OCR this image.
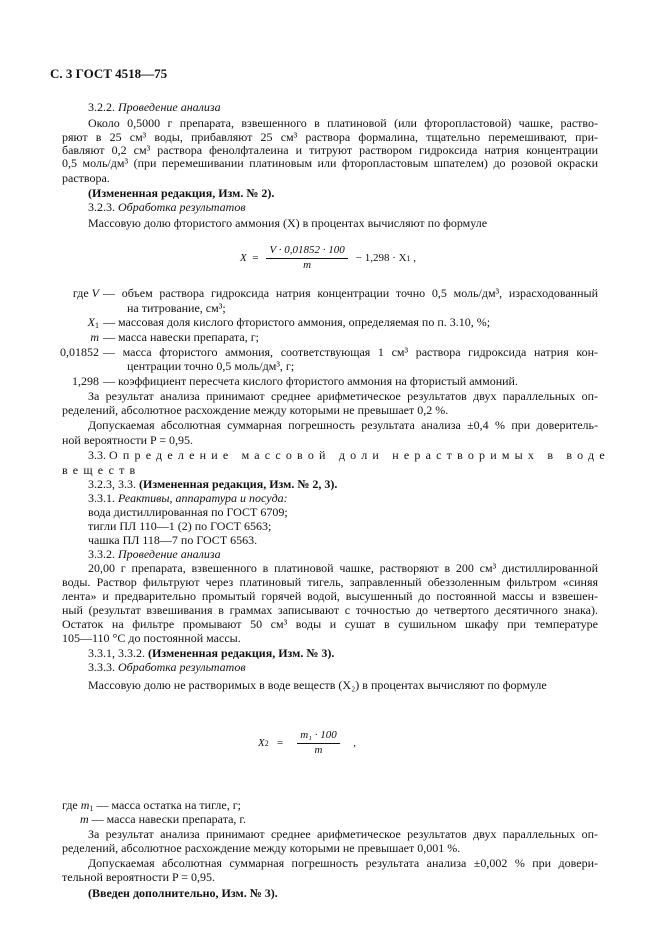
С. 3 ГОСТ 4518—75
3.2.2. Проведение анализа
Около 0,5000 г препарата, взвешенного в платиновой (или фторопластовой) чашке, раство-
ряют в 25 см³ воды, прибавляют 25 см³ раствора формалина, тщательно перемешивают, при-
бавляют 0,2 см³ раствора фенолфталеина и титруют раствором гидроксида натрия концентрации
0,5 моль/дм³ (при перемешивании платиновым или фторопластовым шпателем) до розовой окраски
раствора.
(Измененная редакция, Изм. № 2).
3.2.3. Обработка результатов
Массовую долю фтористого аммония (X) в процентах вычисляют по формуле
X
= $\frac{V \cdot 0,01852 \cdot 100}{m} - 1,298 \cdot X$ 1
,
где V — объем раствора гидроксида натрия концентрации точно 0,5 моль/дм³, израсходованный
на титрование, см³;
$X_1$ — массовая доля кислого фтористого аммония, определяемая по п. 3.10, %;
m — масса навески препарата, г;
0,01852 — масса фтористого аммония, соответствующая 1 см³ раствора гидроксида натрия кон-
центрации точно 0,5 моль/дм³, г;
1,298 — коэффициент пересчета кислого фтористого аммония на фтористый аммоний.
За результат анализа принимают среднее арифметическое результатов двух параллельных оп-
ределений, абсолютное расхождение между которыми не превышает 0,2 %.
Допускаемая абсолютная суммарная погрешность результата анализа ±0,4 % при доверитель-
ной вероятности P = 0,95.
3.3. Определение массовой доли нерастворимых в воде
веществ
3.2.3, 3.3. (Измененная редакция, Изм. № 2, 3).
3.3.1. Реактивы, аппаратура и посуда:
вода дистиллированная по ГОСТ 6709;
тигли ПЛ 110—1 (2) по ГОСТ 6563;
чашка ПЛ 118—7 по ГОСТ 6563.
3.3.2. Проведение анализа
20,00 г препарата, взвешенного в платиновой чашке, растворяют в 200 см³ дистиллированной
воды. Раствор фильтруют через платиновый тигель, заправленный обеззоленным фильтром «синяя
лента» и предварительно промытый горячей водой, высушенный до постоянной массы и взвешен-
ный (результат взвешивания в граммах записывают с точностью до четвертого десятичного знака).
Остаток на фильтре промывают 50 см³ воды и сушат в сушильном шкафу при температуре
105—110 °С до постоянной массы.
3.3.1, 3.3.2. (Измененная редакция, Изм. № 3).
3.3.3. Обработка результатов
Массовую долю не растворимых в воде веществ (X₂) в процентах вычисляют по формуле
X 2
= $\frac{\text{m₁ · 100}}{m}$
,
где $m_1$ — масса остатка на тигле, г;
m — масса навески препарата, г.
За результат анализа принимают среднее арифметическое результатов двух параллельных оп-
ределений, абсолютное расхождение между которыми не превышает 0,001 %.
Допускаемая абсолютная суммарная погрешность результата анализа ±0,002 % при довери-
тельной вероятности P = 0,95.
(Введен дополнительно, Изм. № 3).
